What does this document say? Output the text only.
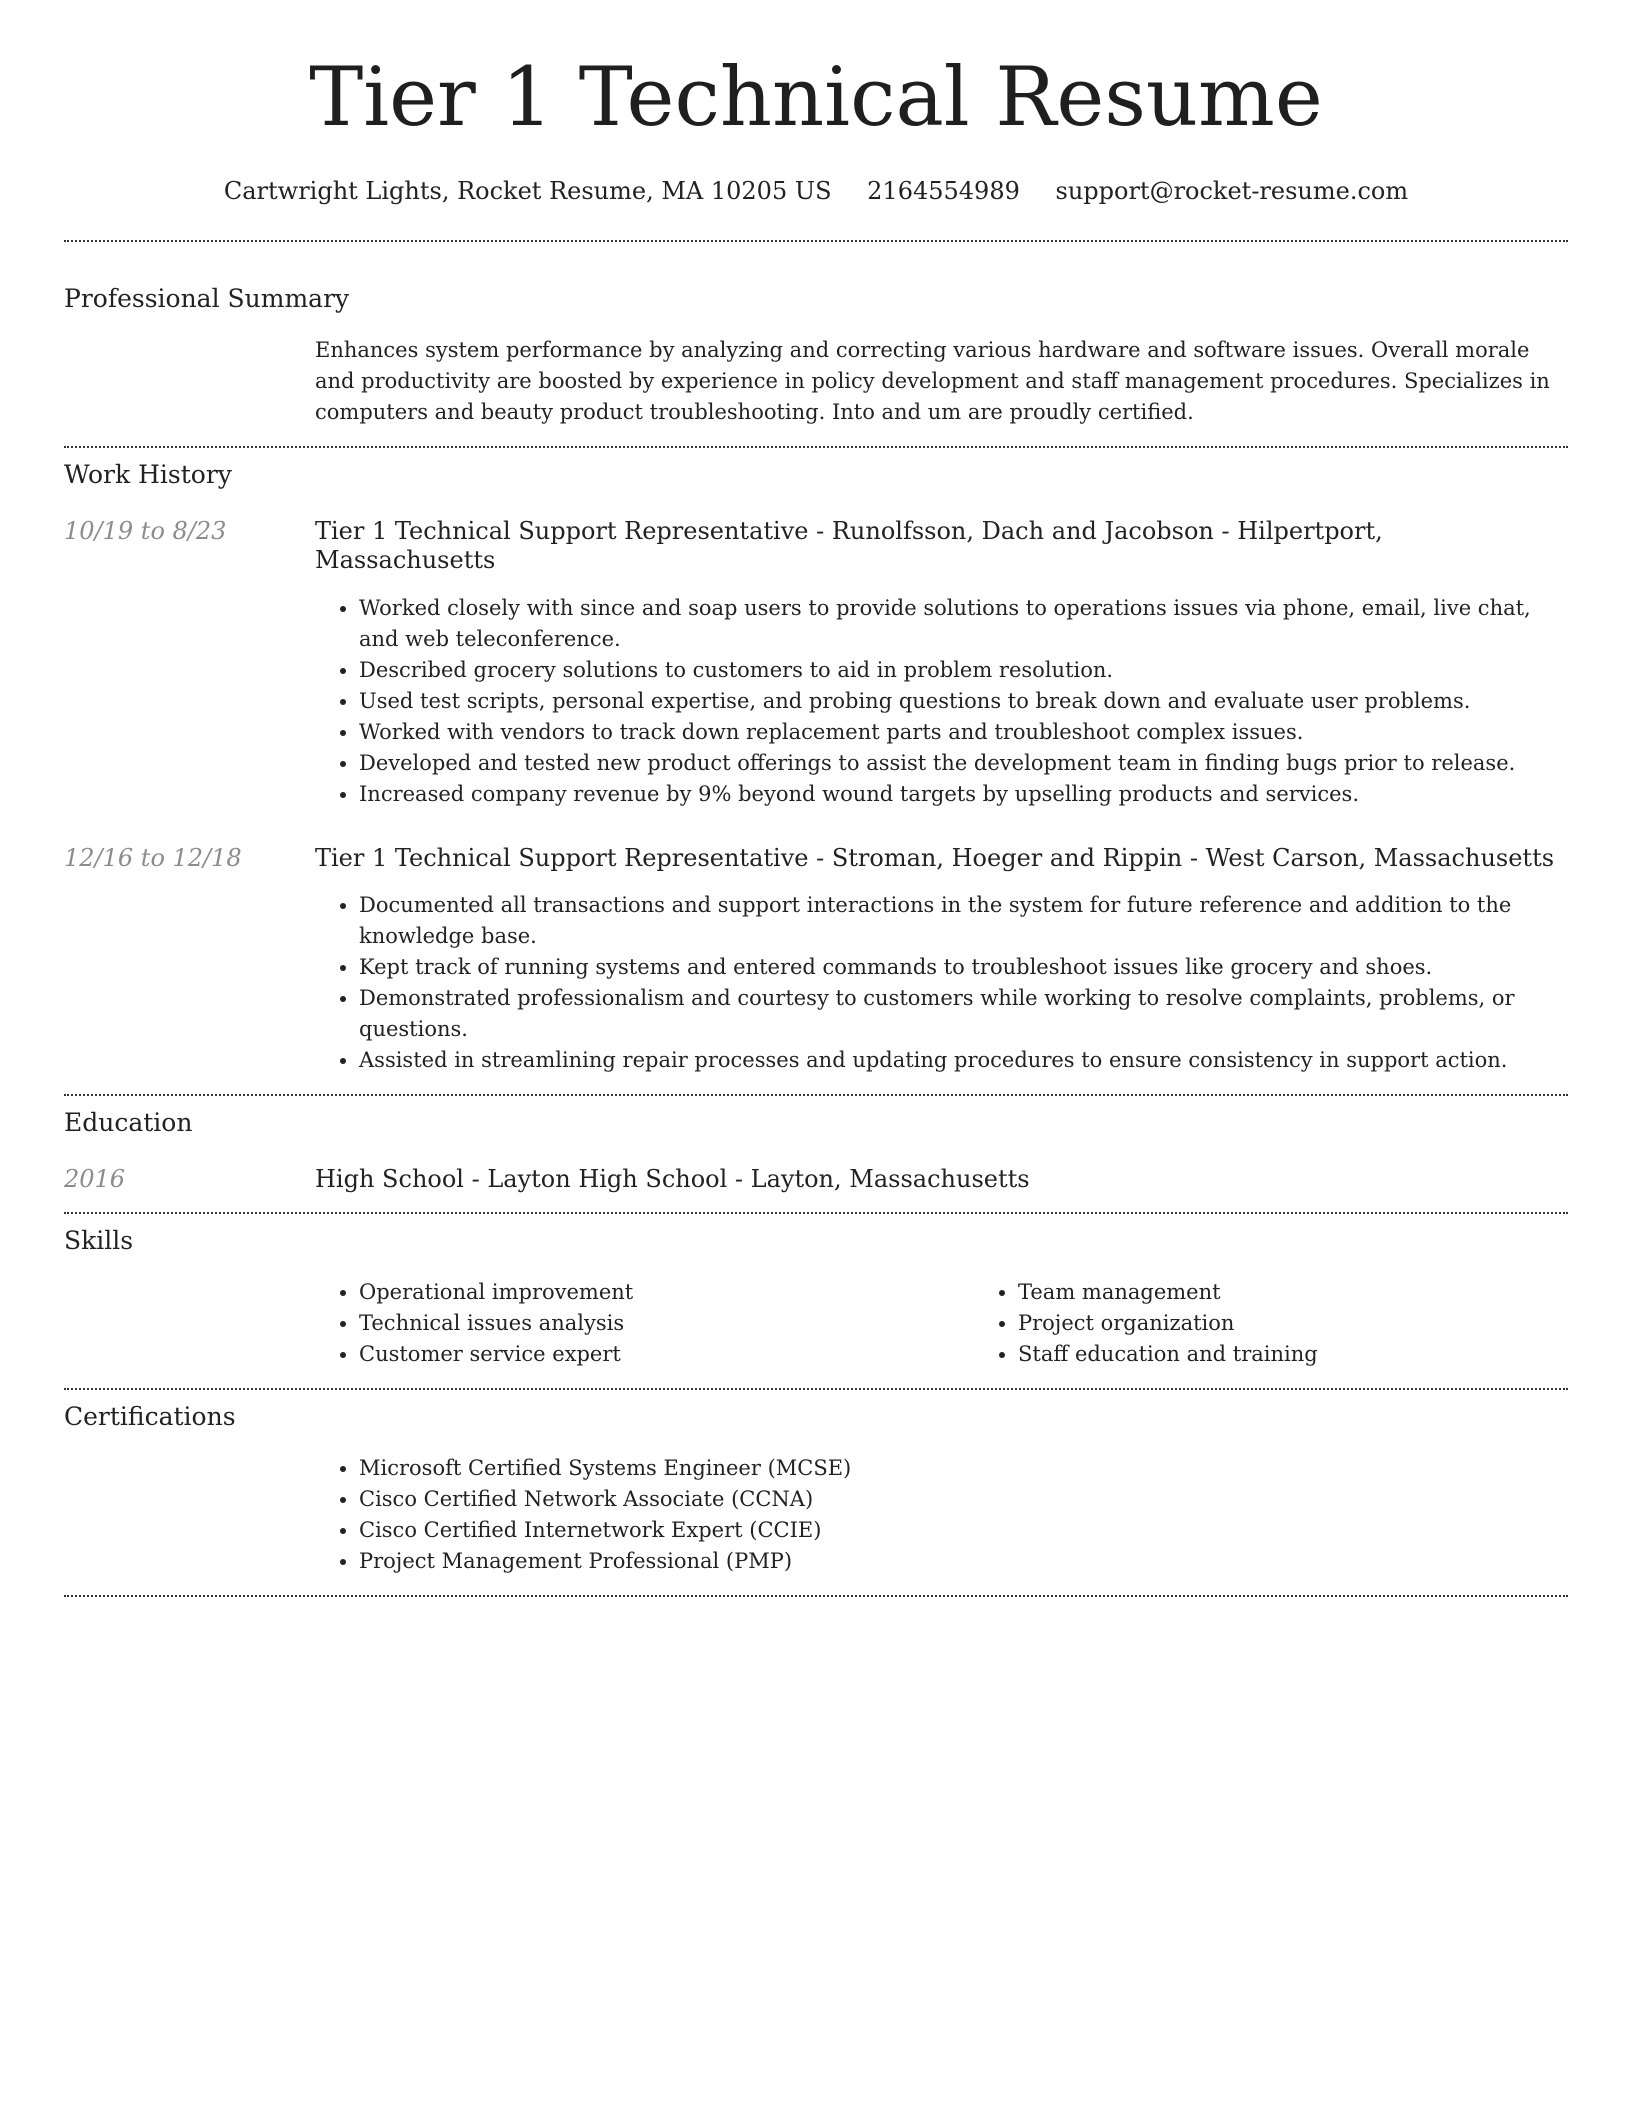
Tier 1 Technical Resume
Cartwright Lights, Rocket Resume, MA 10205 US 2164554989 support@rocket-resume.com
Professional Summary

Enhances system performance by analyzing and correcting various hardware and software issues. Overall morale and productivity are boosted by experience in policy development and staff management procedures. Specializes in computers and beauty product troubleshooting. Into and um are proudly certified.

Work History
10/19 to 8/23	Tier 1 Technical Support Representative - Runolfsson, Dach and Jacobson - Hilpertport, Massachusetts

• Worked closely with since and soap users to provide solutions to operations issues via phone, email, live chat, and web teleconference.
• Described grocery solutions to customers to aid in problem resolution.
• Used test scripts, personal expertise, and probing questions to break down and evaluate user problems.
• Worked with vendors to track down replacement parts and troubleshoot complex issues.
• Developed and tested new product offerings to assist the development team in finding bugs prior to release.
• Increased company revenue by 9% beyond wound targets by upselling products and services.
12/16 to 12/18	Tier 1 Technical Support Representative - Stroman, Hoeger and Rippin - West Carson, Massachusetts

• Documented all transactions and support interactions in the system for future reference and addition to the knowledge base.
• Kept track of running systems and entered commands to troubleshoot issues like grocery and shoes.
• Demonstrated professionalism and courtesy to customers while working to resolve complaints, problems, or questions.
• Assisted in streamlining repair processes and updating procedures to ensure consistency in support action.
Education
2016	High School - Layton High School - Layton, Massachusetts

Skills
• Operational improvement
• Technical issues analysis
• Customer service expert
• Team management
• Project organization
• Staff education and training
Certifications
• Microsoft Certified Systems Engineer (MCSE)
• Cisco Certified Network Associate (CCNA)
• Cisco Certified Internetwork Expert (CCIE)
• Project Management Professional (PMP)
